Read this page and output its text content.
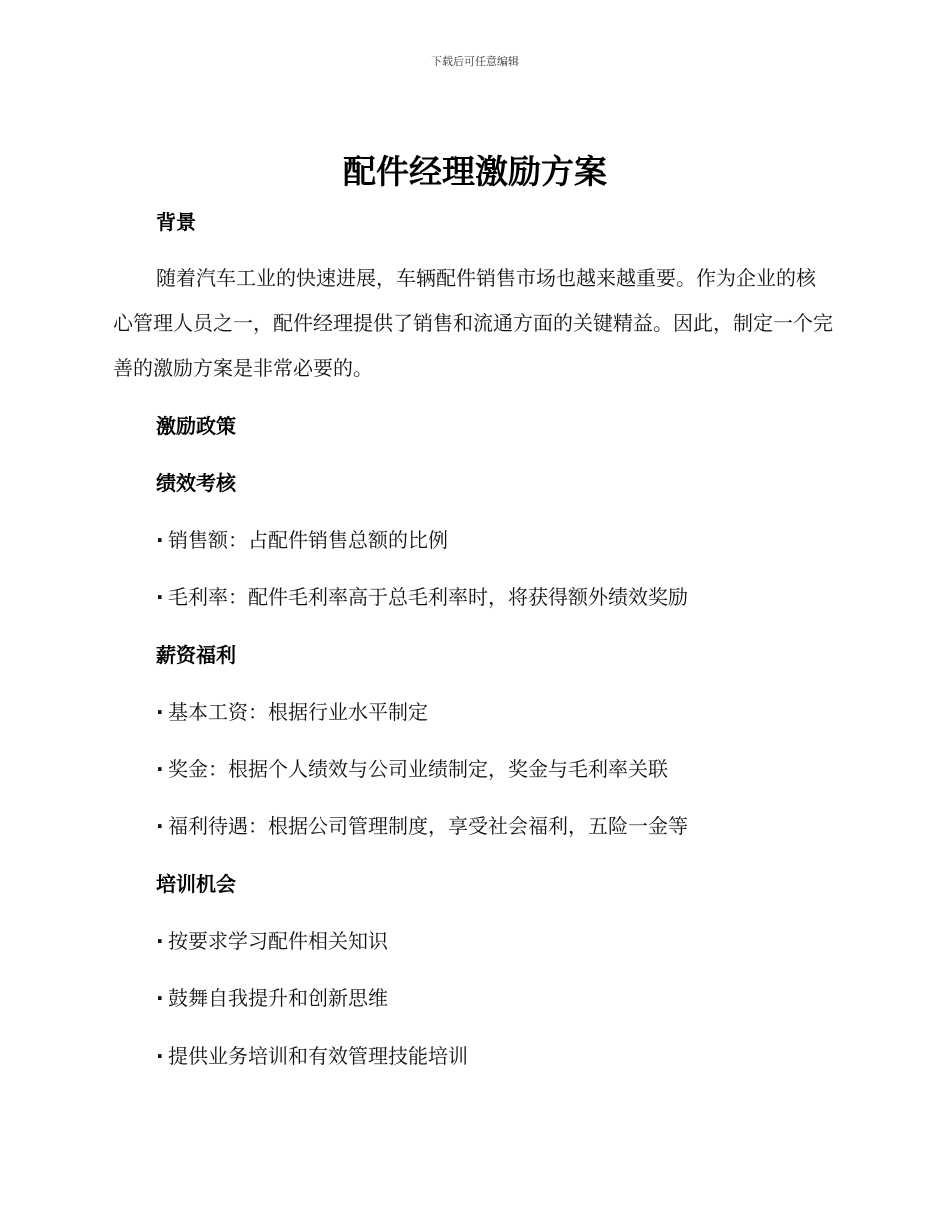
下载后可任意编辑
配件经理激励方案
背景

随着汽车工业的快速进展，车辆配件销售市场也越来越重要。作为企业的核心管理人员之一，配件经理提供了销售和流通方面的关键精益。因此，制定一个完善的激励方案是非常必要的。

激励政策
绩效考核
· 销售额：占配件销售总额的比例
· 毛利率：配件毛利率高于总毛利率时，将获得额外绩效奖励
薪资福利
· 基本工资：根据行业水平制定
· 奖金：根据个人绩效与公司业绩制定，奖金与毛利率关联
· 福利待遇：根据公司管理制度，享受社会福利，五险一金等
培训机会
· 按要求学习配件相关知识
· 鼓舞自我提升和创新思维
· 提供业务培训和有效管理技能培训
